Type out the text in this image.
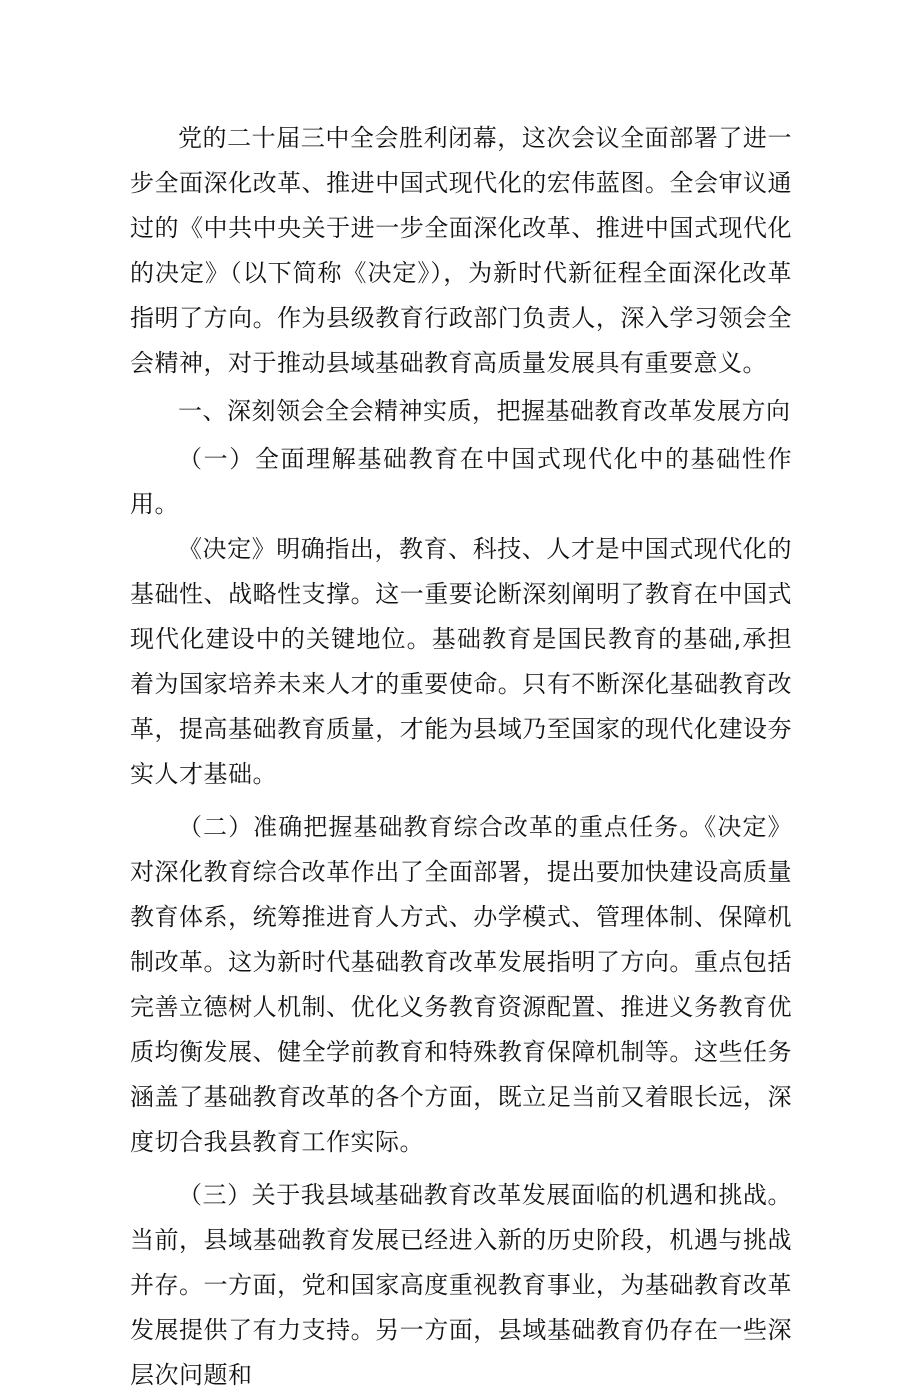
党的二十届三中全会胜利闭幕，这次会议全面部署了进一步全面深化改革、推进中国式现代化的宏伟蓝图。全会审议通过的《中共中央关于进一步全面深化改革、推进中国式现代化的决定》（以下简称《决定》），为新时代新征程全面深化改革指明了方向。作为县级教育行政部门负责人，深入学习领会全会精神，对于推动县域基础教育高质量发展具有重要意义。

一、深刻领会全会精神实质，把握基础教育改革发展方向

（一）全面理解基础教育在中国式现代化中的基础性作用。

《决定》明确指出，教育、科技、人才是中国式现代化的基础性、战略性支撑。这一重要论断深刻阐明了教育在中国式现代化建设中的关键地位。基础教育是国民教育的基础,承担着为国家培养未来人才的重要使命。只有不断深化基础教育改革，提高基础教育质量，才能为县域乃至国家的现代化建设夯实人才基础。

（二）准确把握基础教育综合改革的重点任务。《决定》对深化教育综合改革作出了全面部署，提出要加快建设高质量教育体系，统筹推进育人方式、办学模式、管理体制、保障机制改革。这为新时代基础教育改革发展指明了方向。重点包括完善立德树人机制、优化义务教育资源配置、推进义务教育优质均衡发展、健全学前教育和特殊教育保障机制等。这些任务涵盖了基础教育改革的各个方面，既立足当前又着眼长远，深度切合我县教育工作实际。

（三）关于我县域基础教育改革发展面临的机遇和挑战。当前，县域基础教育发展已经进入新的历史阶段，机遇与挑战并存。一方面，党和国家高度重视教育事业，为基础教育改革发展提供了有力支持。另一方面，县域基础教育仍存在一些深层次问题和
